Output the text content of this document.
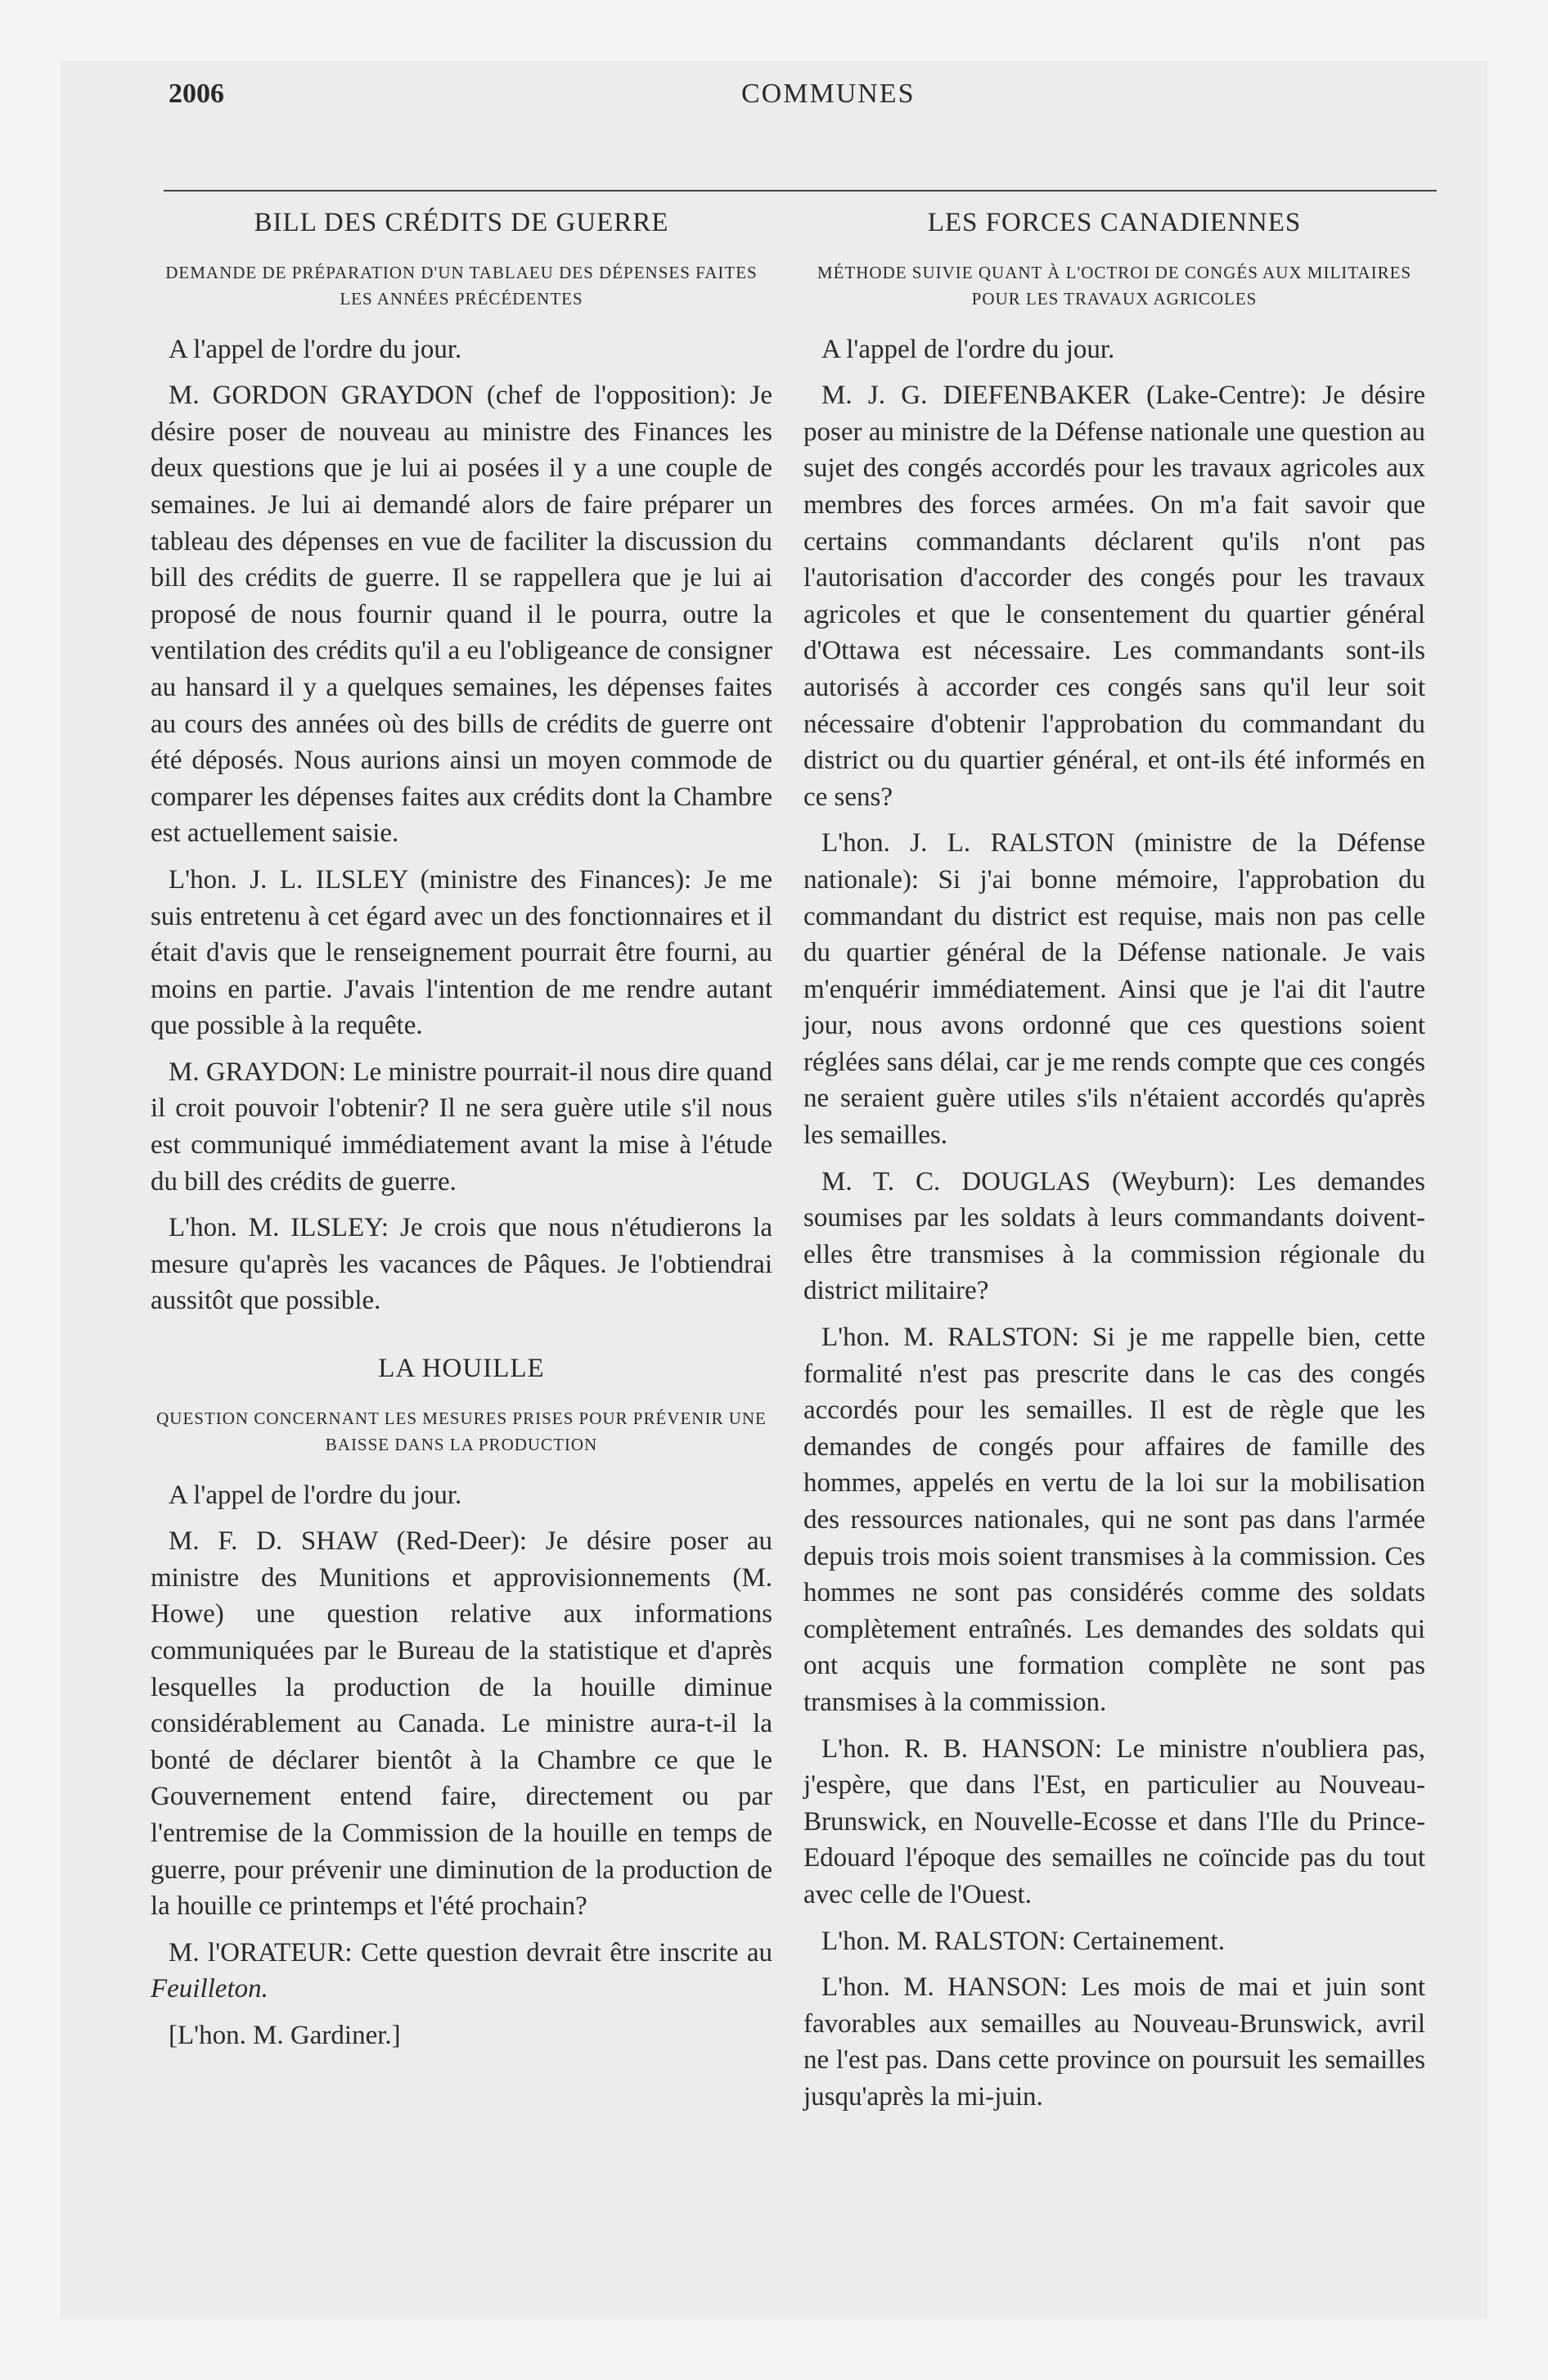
2006	COMMUNES
BILL DES CRÉDITS DE GUERRE
DEMANDE DE PRÉPARATION D'UN TABLAEU DES DÉPENSES FAITES LES ANNÉES PRÉCÉDENTES

A l'appel de l'ordre du jour.

M. GORDON GRAYDON (chef de l'opposition): Je désire poser de nouveau au ministre des Finances les deux questions que je lui ai posées il y a une couple de semaines. Je lui ai demandé alors de faire préparer un tableau des dépenses en vue de faciliter la discussion du bill des crédits de guerre. Il se rappellera que je lui ai proposé de nous fournir quand il le pourra, outre la ventilation des crédits qu'il a eu l'obligeance de consigner au hansard il y a quelques semaines, les dépenses faites au cours des années où des bills de crédits de guerre ont été déposés. Nous aurions ainsi un moyen commode de comparer les dépenses faites aux crédits dont la Chambre est actuellement saisie.

L'hon. J. L. ILSLEY (ministre des Finances): Je me suis entretenu à cet égard avec un des fonctionnaires et il était d'avis que le renseignement pourrait être fourni, au moins en partie. J'avais l'intention de me rendre autant que possible à la requête.

M. GRAYDON: Le ministre pourrait-il nous dire quand il croit pouvoir l'obtenir? Il ne sera guère utile s'il nous est communiqué immédiatement avant la mise à l'étude du bill des crédits de guerre.

L'hon. M. ILSLEY: Je crois que nous n'étudierons la mesure qu'après les vacances de Pâques. Je l'obtiendrai aussitôt que possible.

LA HOUILLE
QUESTION CONCERNANT LES MESURES PRISES POUR PRÉVENIR UNE BAISSE DANS LA PRODUCTION

A l'appel de l'ordre du jour.

M. F. D. SHAW (Red-Deer): Je désire poser au ministre des Munitions et approvisionnements (M. Howe) une question relative aux informations communiquées par le Bureau de la statistique et d'après lesquelles la production de la houille diminue considérablement au Canada. Le ministre aura-t-il la bonté de déclarer bientôt à la Chambre ce que le Gouvernement entend faire, directement ou par l'entremise de la Commission de la houille en temps de guerre, pour prévenir une diminution de la production de la houille ce printemps et l'été prochain?

M. l'ORATEUR: Cette question devrait être inscrite au Feuilleton.

[L'hon. M. Gardiner.]

LES FORCES CANADIENNES
MÉTHODE SUIVIE QUANT À L'OCTROI DE CONGÉS AUX MILITAIRES POUR LES TRAVAUX AGRICOLES

A l'appel de l'ordre du jour.

M. J. G. DIEFENBAKER (Lake-Centre): Je désire poser au ministre de la Défense nationale une question au sujet des congés accordés pour les travaux agricoles aux membres des forces armées. On m'a fait savoir que certains commandants déclarent qu'ils n'ont pas l'autorisation d'accorder des congés pour les travaux agricoles et que le consentement du quartier général d'Ottawa est nécessaire. Les commandants sont-ils autorisés à accorder ces congés sans qu'il leur soit nécessaire d'obtenir l'approbation du commandant du district ou du quartier général, et ont-ils été informés en ce sens?

L'hon. J. L. RALSTON (ministre de la Défense nationale): Si j'ai bonne mémoire, l'approbation du commandant du district est requise, mais non pas celle du quartier général de la Défense nationale. Je vais m'enquérir immédiatement. Ainsi que je l'ai dit l'autre jour, nous avons ordonné que ces questions soient réglées sans délai, car je me rends compte que ces congés ne seraient guère utiles s'ils n'étaient accordés qu'après les semailles.

M. T. C. DOUGLAS (Weyburn): Les demandes soumises par les soldats à leurs commandants doivent-elles être transmises à la commission régionale du district militaire?

L'hon. M. RALSTON: Si je me rappelle bien, cette formalité n'est pas prescrite dans le cas des congés accordés pour les semailles. Il est de règle que les demandes de congés pour affaires de famille des hommes, appelés en vertu de la loi sur la mobilisation des ressources nationales, qui ne sont pas dans l'armée depuis trois mois soient transmises à la commission. Ces hommes ne sont pas considérés comme des soldats complètement entraînés. Les demandes des soldats qui ont acquis une formation complète ne sont pas transmises à la commission.

L'hon. R. B. HANSON: Le ministre n'oubliera pas, j'espère, que dans l'Est, en particulier au Nouveau-Brunswick, en Nouvelle-Ecosse et dans l'Ile du Prince-Edouard l'époque des semailles ne coïncide pas du tout avec celle de l'Ouest.

L'hon. M. RALSTON: Certainement.

L'hon. M. HANSON: Les mois de mai et juin sont favorables aux semailles au Nouveau-Brunswick, avril ne l'est pas. Dans cette province on poursuit les semailles jusqu'après la mi-juin.
